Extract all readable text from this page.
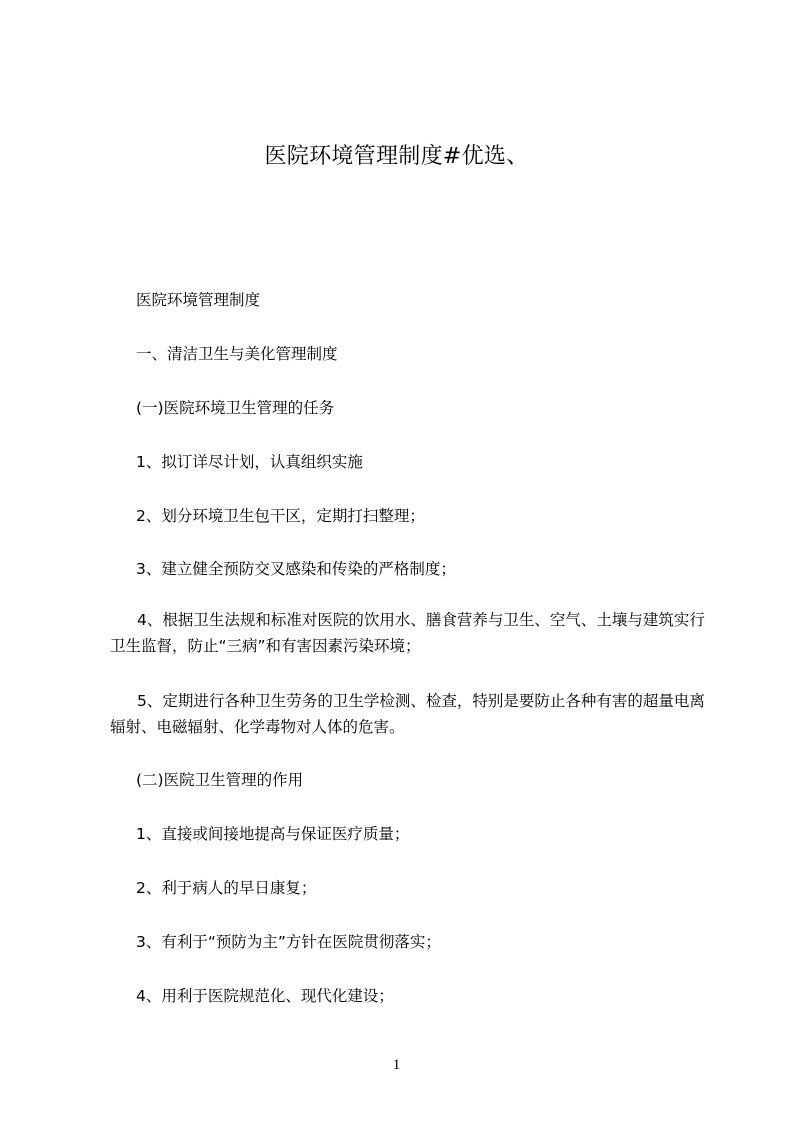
医院环境管理制度#优选、
医院环境管理制度
一、清洁卫生与美化管理制度
(一)医院环境卫生管理的任务
1、拟订详尽计划，认真组织实施
2、划分环境卫生包干区，定期打扫整理；
3、建立健全预防交叉感染和传染的严格制度；
4、根据卫生法规和标准对医院的饮用水、膳食营养与卫生、空气、土壤与建筑实行卫生监督，防止“三病”和有害因素污染环境；
5、定期进行各种卫生劳务的卫生学检测、检查，特别是要防止各种有害的超量电离辐射、电磁辐射、化学毒物对人体的危害。
(二)医院卫生管理的作用
1、直接或间接地提高与保证医疗质量；
2、利于病人的早日康复；
3、有利于“预防为主”方针在医院贯彻落实；
4、用利于医院规范化、现代化建设；
1
